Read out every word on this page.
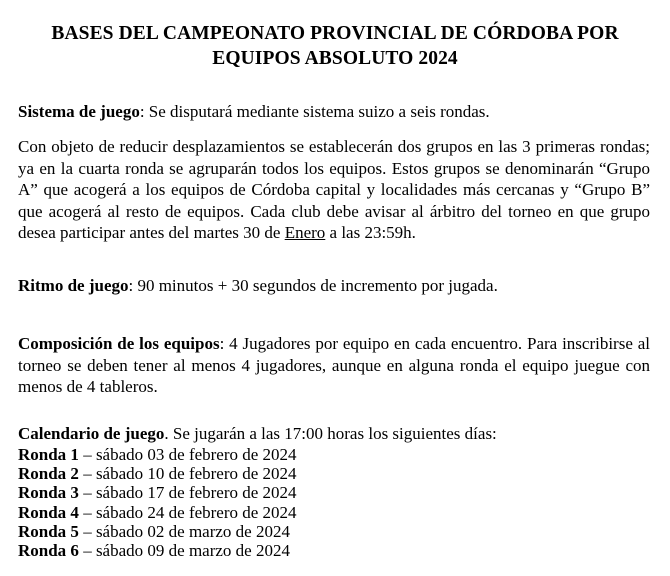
BASES DEL CAMPEONATO PROVINCIAL DE CÓRDOBA POR
EQUIPOS ABSOLUTO 2024

Sistema de juego: Se disputará mediante sistema suizo a seis rondas.

Con objeto de reducir desplazamientos se establecerán dos grupos en las 3 primeras rondas; ya en la cuarta ronda se agruparán todos los equipos. Estos grupos se denominarán “Grupo A” que acogerá a los equipos de Córdoba capital y localidades más cercanas y “Grupo B” que acogerá al resto de equipos. Cada club debe avisar al árbitro del torneo en que grupo desea participar antes del martes 30 de Enero a las 23:59h.

Ritmo de juego: 90 minutos + 30 segundos de incremento por jugada.

Composición de los equipos: 4 Jugadores por equipo en cada encuentro. Para inscribirse al torneo se deben tener al menos 4 jugadores, aunque en alguna ronda el equipo juegue con menos de 4 tableros.

Calendario de juego. Se jugarán a las 17:00 horas los siguientes días:

Ronda 1 – sábado 03 de febrero de 2024
Ronda 2 – sábado 10 de febrero de 2024
Ronda 3 – sábado 17 de febrero de 2024
Ronda 4 – sábado 24 de febrero de 2024
Ronda 5 – sábado 02 de marzo de 2024
Ronda 6 – sábado 09 de marzo de 2024
